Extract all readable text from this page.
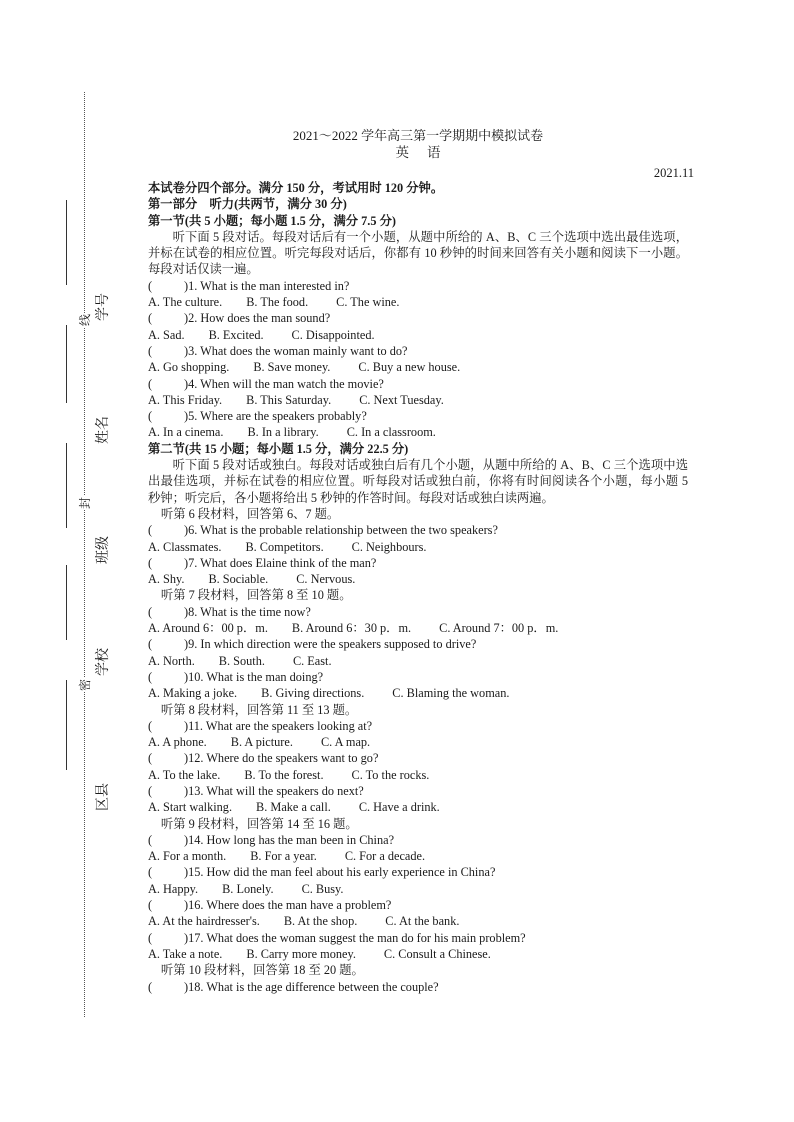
学号
姓名
班级
学校
区县
线
封
密
2021～2022 学年高三第一学期期中模拟试卷
英语
2021.11
本试卷分四个部分。满分 150 分，考试用时 120 分钟。
第一部分　听力(共两节，满分 30 分)
第一节(共 5 小题；每小题 1.5 分，满分 7.5 分)
听下面 5 段对话。每段对话后有一个小题，从题中所给的 A、B、C 三个选项中选出最佳选项，并标在试卷的相应位置。听完每段对话后，你都有 10 秒钟的时间来回答有关小题和阅读下一小题。每段对话仅读一遍。
(	)1. What is the man interested in?
A. The culture. B. The food. C. The wine.
(	)2. How does the man sound?
A. Sad. B. Excited. C. Disappointed.
(	)3. What does the woman mainly want to do?
A. Go shopping. B. Save money. C. Buy a new house.
(	)4. When will the man watch the movie?
A. This Friday. B. This Saturday. C. Next Tuesday.
(	)5. Where are the speakers probably?
A. In a cinema. B. In a library. C. In a classroom.
第二节(共 15 小题；每小题 1.5 分，满分 22.5 分)
听下面 5 段对话或独白。每段对话或独白后有几个小题，从题中所给的 A、B、C 三个选项中选出最佳选项，并标在试卷的相应位置。听每段对话或独白前，你将有时间阅读各个小题，每小题 5 秒钟；听完后，各小题将给出 5 秒钟的作答时间。每段对话或独白读两遍。
听第 6 段材料，回答第 6、7 题。
(	)6. What is the probable relationship between the two speakers?
A. Classmates. B. Competitors. C. Neighbours.
(	)7. What does Elaine think of the man?
A. Shy. B. Sociable. C. Nervous.
听第 7 段材料，回答第 8 至 10 题。
(	)8. What is the time now?
A. Around 6：00 p．m. B. Around 6：30 p．m. C. Around 7：00 p．m.
(	)9. In which direction were the speakers supposed to drive?
A. North. B. South. C. East.
(	)10. What is the man doing?
A. Making a joke. B. Giving directions. C. Blaming the woman.
听第 8 段材料，回答第 11 至 13 题。
(	)11. What are the speakers looking at?
A. A phone. B. A picture. C. A map.
(	)12. Where do the speakers want to go?
A. To the lake. B. To the forest. C. To the rocks.
(	)13. What will the speakers do next?
A. Start walking. B. Make a call. C. Have a drink.
听第 9 段材料，回答第 14 至 16 题。
(	)14. How long has the man been in China?
A. For a month. B. For a year. C. For a decade.
(	)15. How did the man feel about his early experience in China?
A. Happy. B. Lonely. C. Busy.
(	)16. Where does the man have a problem?
A. At the hairdresser's. B. At the shop. C. At the bank.
(	)17. What does the woman suggest the man do for his main problem?
A. Take a note. B. Carry more money. C. Consult a Chinese.
听第 10 段材料，回答第 18 至 20 题。
(	)18. What is the age difference between the couple?
